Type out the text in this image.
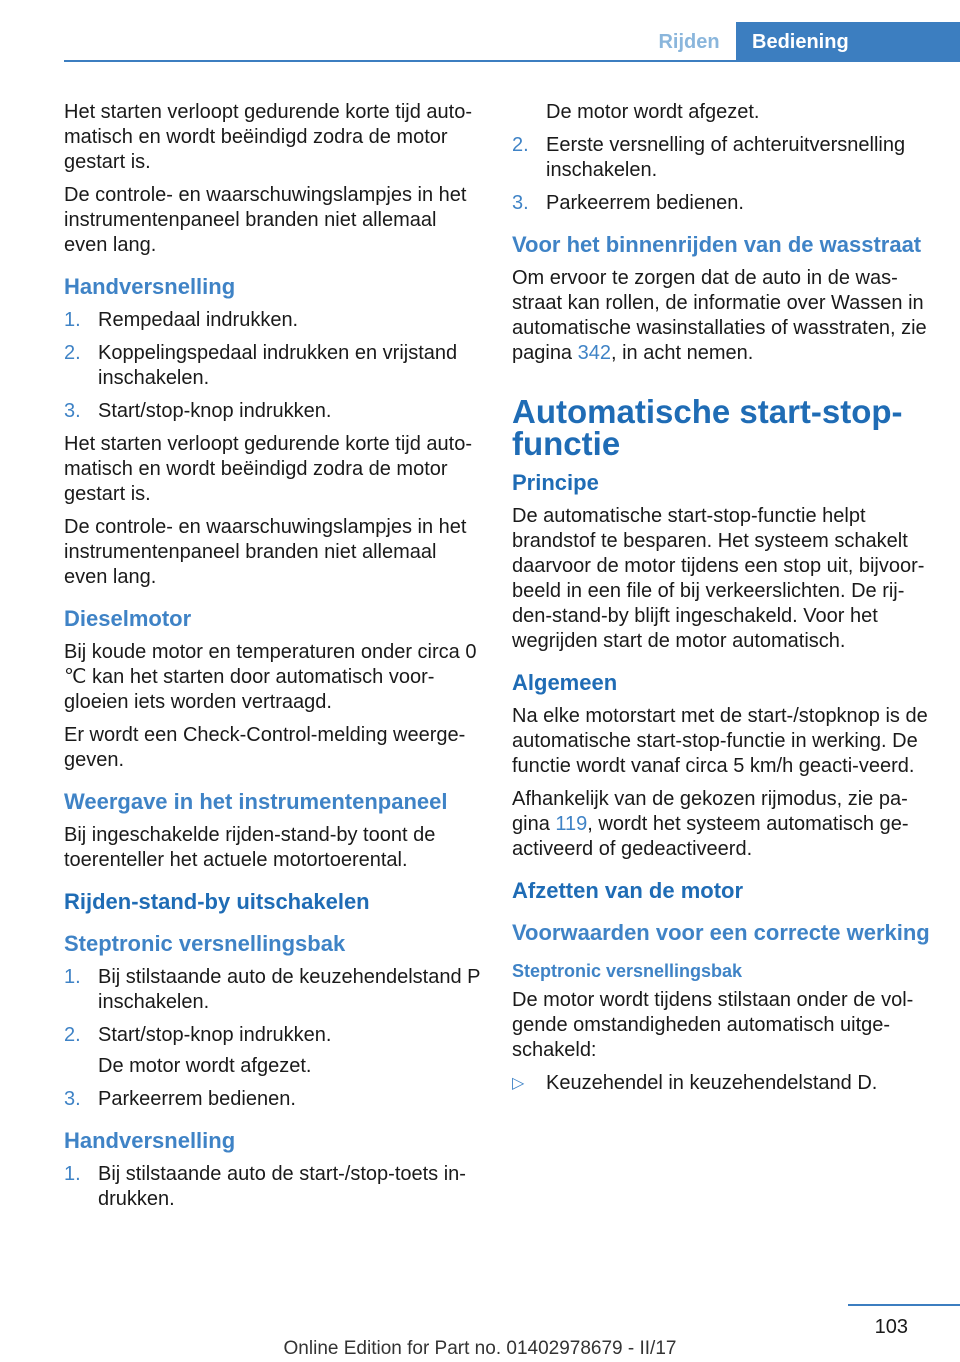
Rijden	Bediening

Het starten verloopt gedurende korte tijd auto-matisch en wordt beëindigd zodra de motor gestart is.

De controle- en waarschuwingslampjes in het instrumentenpaneel branden niet allemaal even lang.

Handversnelling
1. Rempedaal indrukken.
2. Koppelingspedaal indrukken en vrijstand inschakelen.
3. Start/stop-knop indrukken.

Het starten verloopt gedurende korte tijd auto-matisch en wordt beëindigd zodra de motor gestart is.

De controle- en waarschuwingslampjes in het instrumentenpaneel branden niet allemaal even lang.

Dieselmotor

Bij koude motor en temperaturen onder circa 0 ℃ kan het starten door automatisch voor-gloeien iets worden vertraagd.

Er wordt een Check-Control-melding weerge-geven.

Weergave in het instrumentenpaneel

Bij ingeschakelde rijden-stand-by toont de toerenteller het actuele motortoerental.

Rijden-stand-by uitschakelen
Steptronic versnellingsbak
1. Bij stilstaande auto de keuzehendelstand P inschakelen.
2. Start/stop-knop indrukken.
De motor wordt afgezet.
3. Parkeerrem bedienen.
Handversnelling
1. Bij stilstaande auto de start-/stop-toets in-drukken.
De motor wordt afgezet.
2. Eerste versnelling of achteruitversnelling inschakelen.
3. Parkeerrem bedienen.
Voor het binnenrijden van de wasstraat

Om ervoor te zorgen dat de auto in de was-straat kan rollen, de informatie over Wassen in automatische wasinstallaties of wasstraten, zie pagina 342, in acht nemen.

Automatische start-stop-functie
Principe

De automatische start-stop-functie helpt brandstof te besparen. Het systeem schakelt daarvoor de motor tijdens een stop uit, bijvoor-beeld in een file of bij verkeerslichten. De rij-den-stand-by blijft ingeschakeld. Voor het wegrijden start de motor automatisch.

Algemeen

Na elke motorstart met de start-/stopknop is de automatische start-stop-functie in werking. De functie wordt vanaf circa 5 km/h geacti-veerd.

Afhankelijk van de gekozen rijmodus, zie pa-gina 119, wordt het systeem automatisch ge-activeerd of gedeactiveerd.

Afzetten van de motor
Voorwaarden voor een correcte werking
Steptronic versnellingsbak

De motor wordt tijdens stilstaan onder de vol-gende omstandigheden automatisch uitge-schakeld:

▷	Keuzehendel in keuzehendelstand D.
103
Online Edition for Part no. 01402978679 - II/17
